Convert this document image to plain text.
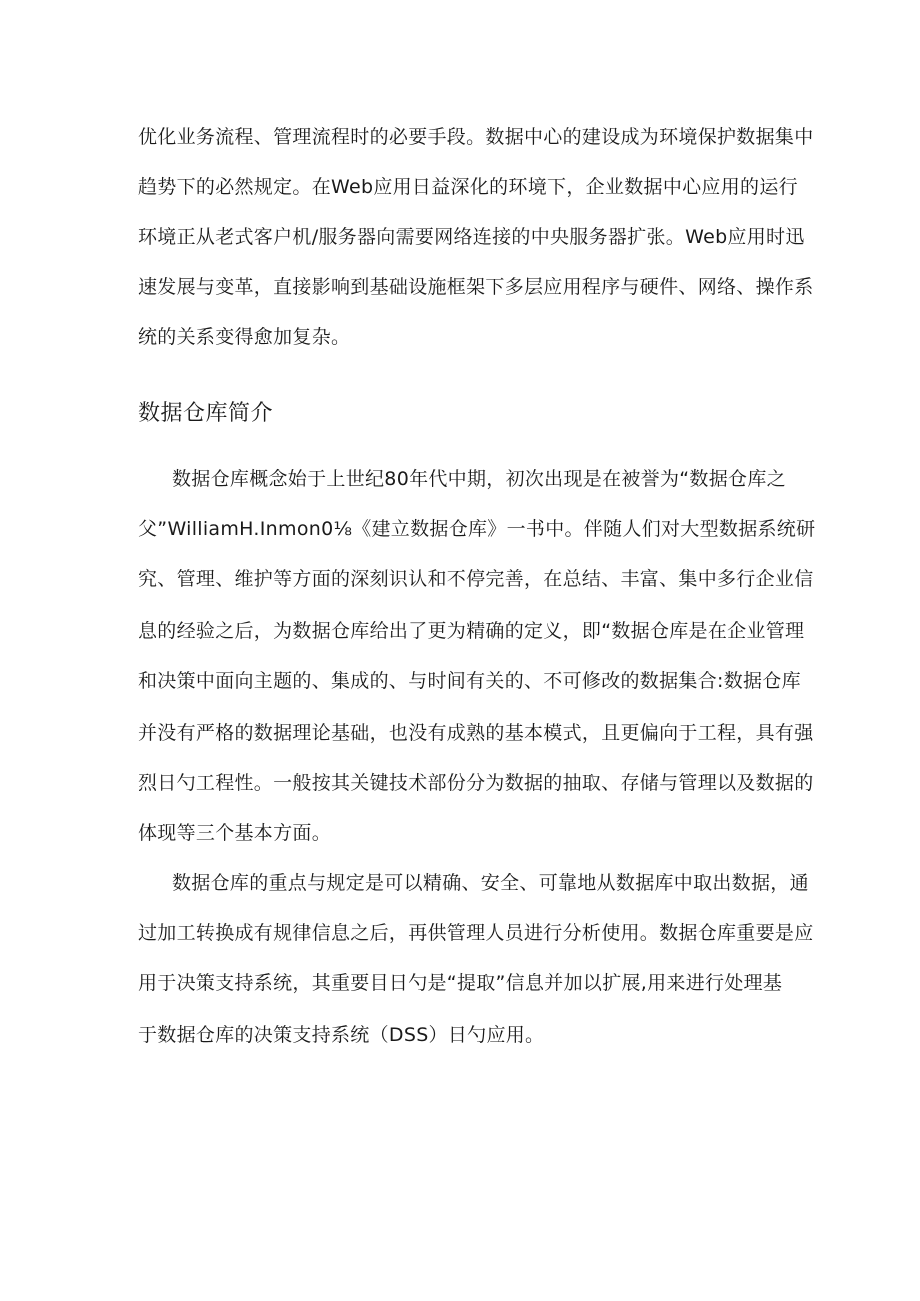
优化业务流程、管理流程时的必要手段。数据中心的建设成为环境保护数据集中
趋势下的必然规定。在Web应用日益深化的环境下，企业数据中心应用的运行
环境正从老式客户机/服务器向需要网络连接的中央服务器扩张。Web应用时迅
速发展与变革，直接影响到基础设施框架下多层应用程序与硬件、网络、操作系
统的关系变得愈加复杂。
数据仓库简介
数据仓库概念始于上世纪80年代中期，初次出现是在被誉为“数据仓库之
父”WilliamH.Inmon0⅛《建立数据仓库》一书中。伴随人们对大型数据系统研
究、管理、维护等方面的深刻识认和不停完善，在总结、丰富、集中多行企业信
息的经验之后，为数据仓库给出了更为精确的定义，即“数据仓库是在企业管理
和决策中面向主题的、集成的、与时间有关的、不可修改的数据集合:数据仓库
并没有严格的数据理论基础，也没有成熟的基本模式，且更偏向于工程，具有强
烈日勺工程性。一般按其关键技术部份分为数据的抽取、存储与管理以及数据的
体现等三个基本方面。
数据仓库的重点与规定是可以精确、安全、可靠地从数据库中取出数据，通
过加工转换成有规律信息之后，再供管理人员进行分析使用。数据仓库重要是应
用于决策支持系统，其重要目日勺是“提取”信息并加以扩展,用来进行处理基
于数据仓库的决策支持系统（DSS）日勺应用。
